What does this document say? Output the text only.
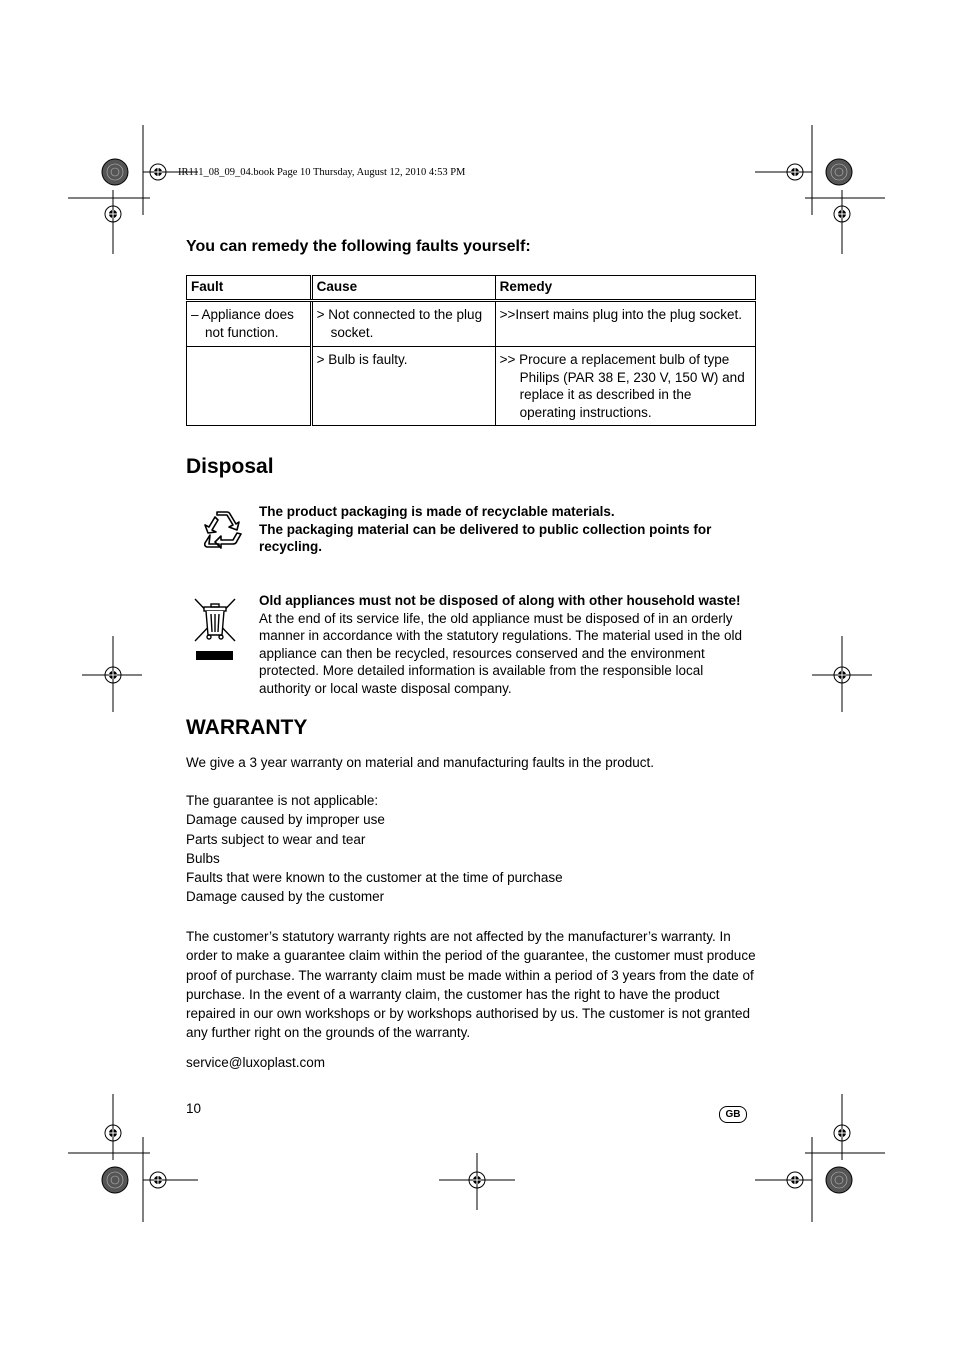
IR111_08_09_04.book Page 10 Thursday, August 12, 2010 4:53 PM
You can remedy the following faults yourself:
Fault	Cause	Remedy

– Appliance does not function.	> Not connected to the plug socket.	>>Insert mains plug into the plug socket.

	> Bulb is faulty.	>> Procure a replacement bulb of type Philips (PAR 38 E, 230 V, 150 W) and replace it as described in the operating instructions.
Disposal
The product packaging is made of recyclable materials.
The packaging material can be delivered to public collection points for recycling.
Old appliances must not be disposed of along with other household waste! At the end of its service life, the old appliance must be disposed of in an orderly manner in accordance with the statutory regulations. The material used in the old appliance can then be recycled, resources conserved and the environment protected. More detailed information is available from the responsible local authority or local waste disposal company.
WARRANTY
We give a 3 year warranty on material and manufacturing faults in the product.
The guarantee is not applicable:
Damage caused by improper use
Parts subject to wear and tear
Bulbs
Faults that were known to the customer at the time of purchase
Damage caused by the customer
The customer’s statutory warranty rights are not affected by the manufacturer’s warranty. In order to make a guarantee claim within the period of the guarantee, the customer must produce proof of purchase. The warranty claim must be made within a period of 3 years from the date of purchase. In the event of a warranty claim, the customer has the right to have the product repaired in our own workshops or by workshops authorised by us. The customer is not granted any further right on the grounds of the warranty.
service@luxoplast.com
10	GB
